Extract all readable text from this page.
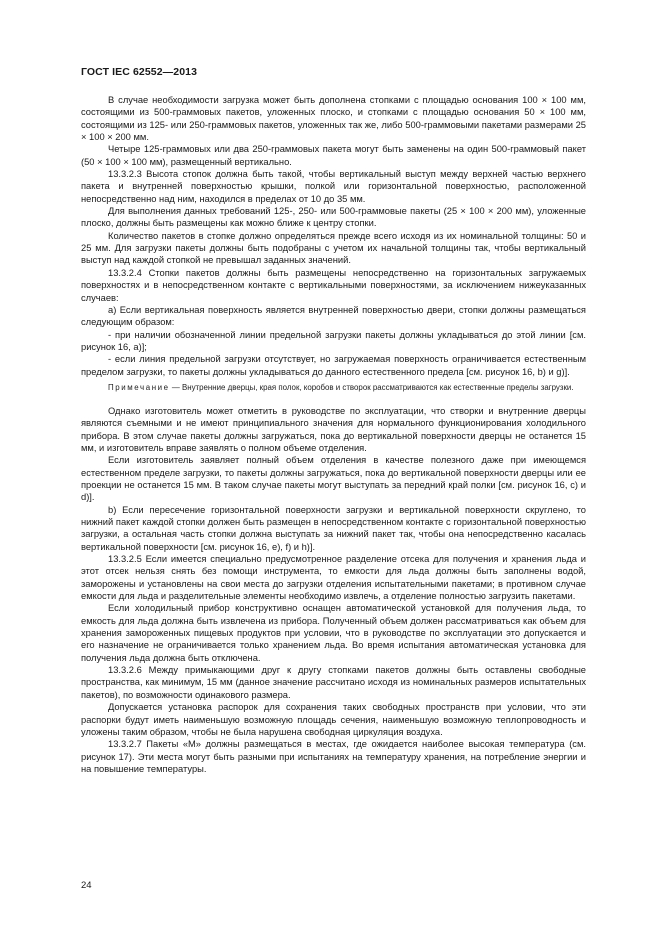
ГОСТ IEC 62552—2013

В случае необходимости загрузка может быть дополнена стопками с площадью основания 100 × 100 мм, состоящими из 500-граммовых пакетов, уложенных плоско, и стопками с площадью основания 50 × 100 мм, состоящими из 125- или 250-граммовых пакетов, уложенных так же, либо 500-граммовыми пакетами размерами 25 × 100 × 200 мм.

Четыре 125-граммовых или два 250-граммовых пакета могут быть заменены на один 500-граммовый пакет (50 × 100 × 100 мм), размещенный вертикально.

13.3.2.3 Высота стопок должна быть такой, чтобы вертикальный выступ между верхней частью верхнего пакета и внутренней поверхностью крышки, полкой или горизонтальной поверхностью, расположенной непосредственно над ним, находился в пределах от 10 до 35 мм.

Для выполнения данных требований 125-, 250- или 500-граммовые пакеты (25 × 100 × 200 мм), уложенные плоско, должны быть размещены как можно ближе к центру стопки.

Количество пакетов в стопке должно определяться прежде всего исходя из их номинальной толщины: 50 и 25 мм. Для загрузки пакеты должны быть подобраны с учетом их начальной толщины так, чтобы вертикальный выступ над каждой стопкой не превышал заданных значений.

13.3.2.4 Стопки пакетов должны быть размещены непосредственно на горизонтальных загружаемых поверхностях и в непосредственном контакте с вертикальными поверхностями, за исключением нижеуказанных случаев:

а) Если вертикальная поверхность является внутренней поверхностью двери, стопки должны размещаться следующим образом:

- при наличии обозначенной линии предельной загрузки пакеты должны укладываться до этой линии [см. рисунок 16, а)];

- если линия предельной загрузки отсутствует, но загружаемая поверхность ограничивается естественным пределом загрузки, то пакеты должны укладываться до данного естественного предела [см. рисунок 16, b) и g)].

Примечание — Внутренние дверцы, края полок, коробов и створок рассматриваются как естественные пределы загрузки.

Однако изготовитель может отметить в руководстве по эксплуатации, что створки и внутренние дверцы являются съемными и не имеют принципиального значения для нормального функционирования холодильного прибора. В этом случае пакеты должны загружаться, пока до вертикальной поверхности дверцы не останется 15 мм, и изготовитель вправе заявлять о полном объеме отделения.

Если изготовитель заявляет полный объем отделения в качестве полезного даже при имеющемся естественном пределе загрузки, то пакеты должны загружаться, пока до вертикальной поверхности дверцы или ее проекции не останется 15 мм. В таком случае пакеты могут выступать за передний край полки [см. рисунок 16, с) и d)].

b) Если пересечение горизонтальной поверхности загрузки и вертикальной поверхности скруглено, то нижний пакет каждой стопки должен быть размещен в непосредственном контакте с горизонтальной поверхностью загрузки, а остальная часть стопки должна выступать за нижний пакет так, чтобы она непосредственно касалась вертикальной поверхности [см. рисунок 16, е), f) и h)].

13.3.2.5 Если имеется специально предусмотренное разделение отсека для получения и хранения льда и этот отсек нельзя снять без помощи инструмента, то емкости для льда должны быть заполнены водой, заморожены и установлены на свои места до загрузки отделения испытательными пакетами; в противном случае емкости для льда и разделительные элементы необходимо извлечь, а отделение полностью загрузить пакетами.

Если холодильный прибор конструктивно оснащен автоматической установкой для получения льда, то емкость для льда должна быть извлечена из прибора. Полученный объем должен рассматриваться как объем для хранения замороженных пищевых продуктов при условии, что в руководстве по эксплуатации это допускается и его назначение не ограничивается только хранением льда. Во время испытания автоматическая установка для получения льда должна быть отключена.

13.3.2.6 Между примыкающими друг к другу стопками пакетов должны быть оставлены свободные пространства, как минимум, 15 мм (данное значение рассчитано исходя из номинальных размеров испытательных пакетов), по возможности одинакового размера.

Допускается установка распорок для сохранения таких свободных пространств при условии, что эти распорки будут иметь наименьшую возможную площадь сечения, наименьшую возможную теплопроводность и уложены таким образом, чтобы не была нарушена свободная циркуляция воздуха.

13.3.2.7 Пакеты «М» должны размещаться в местах, где ожидается наиболее высокая температура (см. рисунок 17). Эти места могут быть разными при испытаниях на температуру хранения, на потребление энергии и на повышение температуры.

24
